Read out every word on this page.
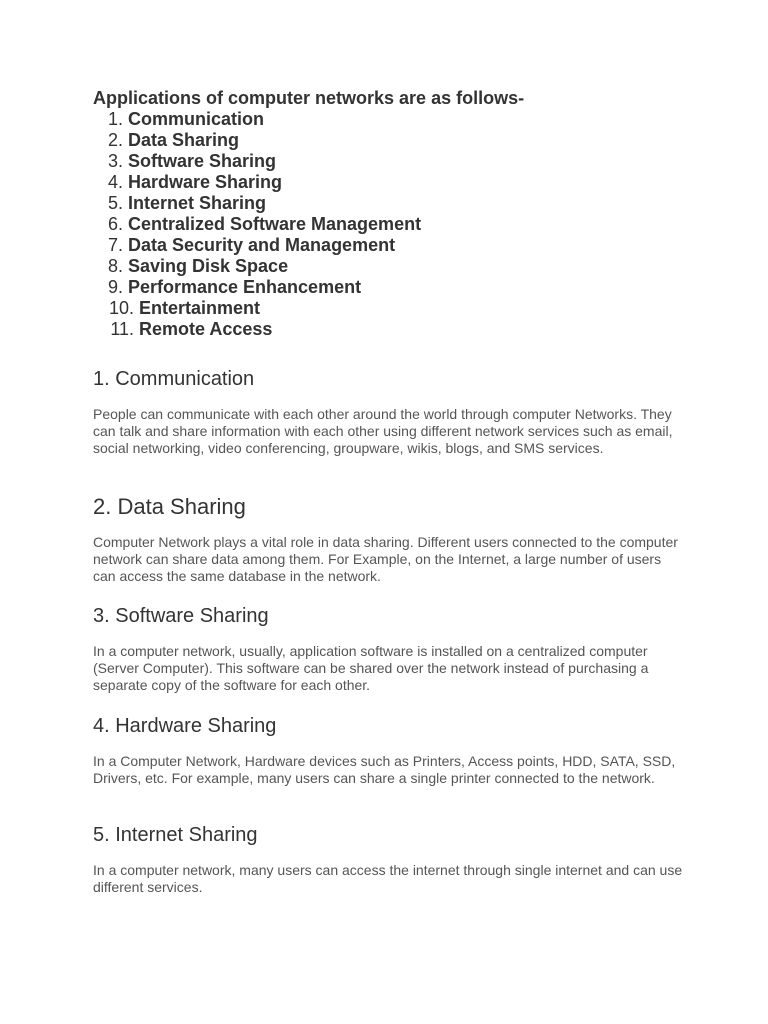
Applications of computer networks are as follows-

1. Communication
2. Data Sharing
3. Software Sharing
4. Hardware Sharing
5. Internet Sharing
6. Centralized Software Management
7. Data Security and Management
8. Saving Disk Space
9. Performance Enhancement
10. Entertainment
11. Remote Access
1. Communication

People can communicate with each other around the world through computer Networks. They can talk and share information with each other using different network services such as email, social networking, video conferencing, groupware, wikis, blogs, and SMS services.

2. Data Sharing

Computer Network plays a vital role in data sharing. Different users connected to the computer network can share data among them. For Example, on the Internet, a large number of users can access the same database in the network.

3. Software Sharing

In a computer network, usually, application software is installed on a centralized computer (Server Computer). This software can be shared over the network instead of purchasing a separate copy of the software for each other.

4. Hardware Sharing

In a Computer Network, Hardware devices such as Printers, Access points, HDD, SATA, SSD, Drivers, etc. For example, many users can share a single printer connected to the network.

5. Internet Sharing

In a computer network, many users can access the internet through single internet and can use different services.
